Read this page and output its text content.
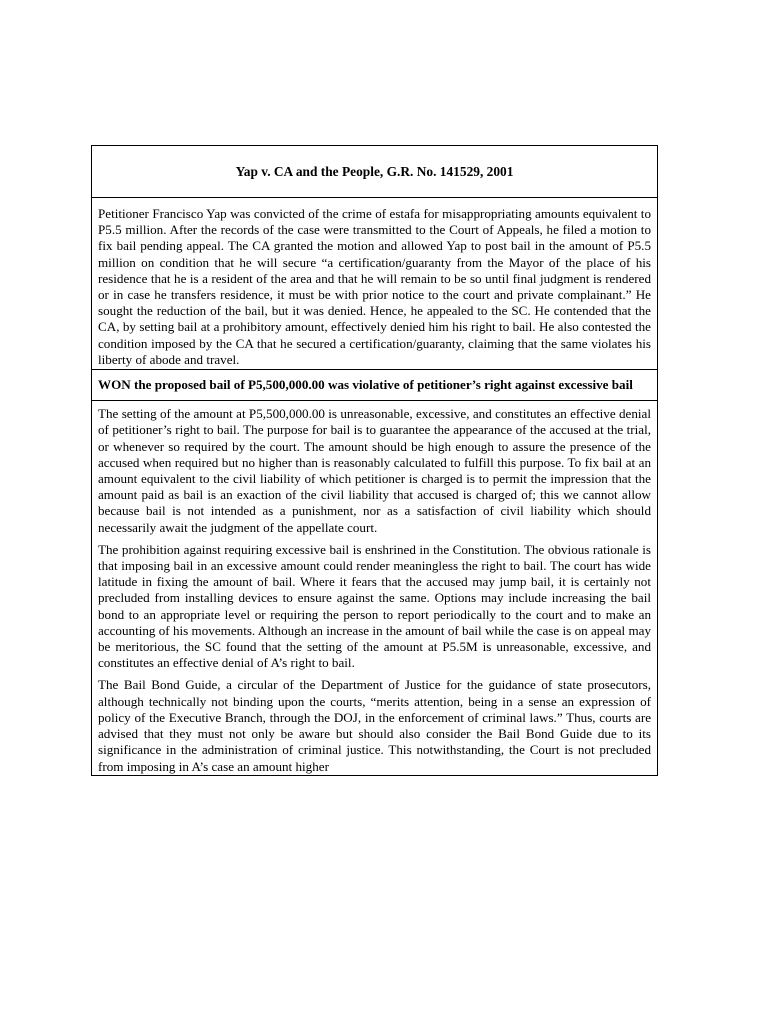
Yap v. CA and the People, G.R. No. 141529, 2001

Petitioner Francisco Yap was convicted of the crime of estafa for misappropriating amounts equivalent to P5.5 million. After the records of the case were transmitted to the Court of Appeals, he filed a motion to fix bail pending appeal. The CA granted the motion and allowed Yap to post bail in the amount of P5.5 million on condition that he will secure “a certification/guaranty from the Mayor of the place of his residence that he is a resident of the area and that he will remain to be so until final judgment is rendered or in case he transfers residence, it must be with prior notice to the court and private complainant.” He sought the reduction of the bail, but it was denied. Hence, he appealed to the SC. He contended that the CA, by setting bail at a prohibitory amount, effectively denied him his right to bail. He also contested the condition imposed by the CA that he secured a certification/guaranty, claiming that the same violates his liberty of abode and travel.

WON the proposed bail of P5,500,000.00 was violative of petitioner’s right against excessive bail

The setting of the amount at P5,500,000.00 is unreasonable, excessive, and constitutes an effective denial of petitioner’s right to bail. The purpose for bail is to guarantee the appearance of the accused at the trial, or whenever so required by the court. The amount should be high enough to assure the presence of the accused when required but no higher than is reasonably calculated to fulfill this purpose. To fix bail at an amount equivalent to the civil liability of which petitioner is charged is to permit the impression that the amount paid as bail is an exaction of the civil liability that accused is charged of; this we cannot allow because bail is not intended as a punishment, nor as a satisfaction of civil liability which should necessarily await the judgment of the appellate court.

The prohibition against requiring excessive bail is enshrined in the Constitution. The obvious rationale is that imposing bail in an excessive amount could render meaningless the right to bail. The court has wide latitude in fixing the amount of bail. Where it fears that the accused may jump bail, it is certainly not precluded from installing devices to ensure against the same. Options may include increasing the bail bond to an appropriate level or requiring the person to report periodically to the court and to make an accounting of his movements. Although an increase in the amount of bail while the case is on appeal may be meritorious, the SC found that the setting of the amount at P5.5M is unreasonable, excessive, and constitutes an effective denial of A’s right to bail.

The Bail Bond Guide, a circular of the Department of Justice for the guidance of state prosecutors, although technically not binding upon the courts, “merits attention, being in a sense an expression of policy of the Executive Branch, through the DOJ, in the enforcement of criminal laws.” Thus, courts are advised that they must not only be aware but should also consider the Bail Bond Guide due to its significance in the administration of criminal justice. This notwithstanding, the Court is not precluded from imposing in A’s case an amount higher
